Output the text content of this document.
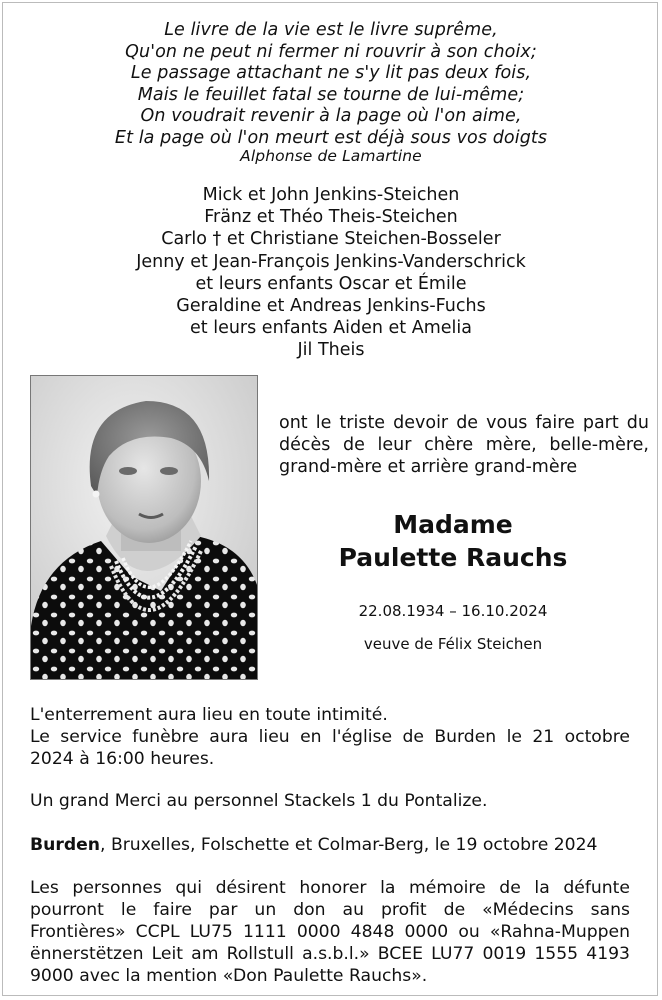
Le livre de la vie est le livre suprême,
Qu'on ne peut ni fermer ni rouvrir à son choix;
Le passage attachant ne s'y lit pas deux fois,
Mais le feuillet fatal se tourne de lui-même;
On voudrait revenir à la page où l'on aime,
Et la page où l'on meurt est déjà sous vos doigts
Alphonse de Lamartine
Mick et John Jenkins-Steichen
Fränz et Théo Theis-Steichen
Carlo † et Christiane Steichen-Bosseler
Jenny et Jean-François Jenkins-Vanderschrick
et leurs enfants Oscar et Émile
Geraldine et Andreas Jenkins-Fuchs
et leurs enfants Aiden et Amelia
Jil Theis
ont le triste devoir de vous faire part du
décès de leur chère mère, belle-mère,
grand-mère et arrière grand-mère
Madame
Paulette Rauchs
22.08.1934 – 16.10.2024
veuve de Félix Steichen
L'enterrement aura lieu en toute intimité.
Le service funèbre aura lieu en l'église de Burden le 21 octobre
2024 à 16:00 heures.
Un grand Merci au personnel Stackels 1 du Pontalize.
Burden, Bruxelles, Folschette et Colmar-Berg, le 19 octobre 2024
Les personnes qui désirent honorer la mémoire de la défunte
pourront le faire par un don au profit de «Médecins sans
Frontières» CCPL LU75 1111 0000 4848 0000 ou «Rahna-Muppen
ënnerstëtzen Leit am Rollstull a.s.b.l.» BCEE LU77 0019 1555 4193
9000 avec la mention «Don Paulette Rauchs».
